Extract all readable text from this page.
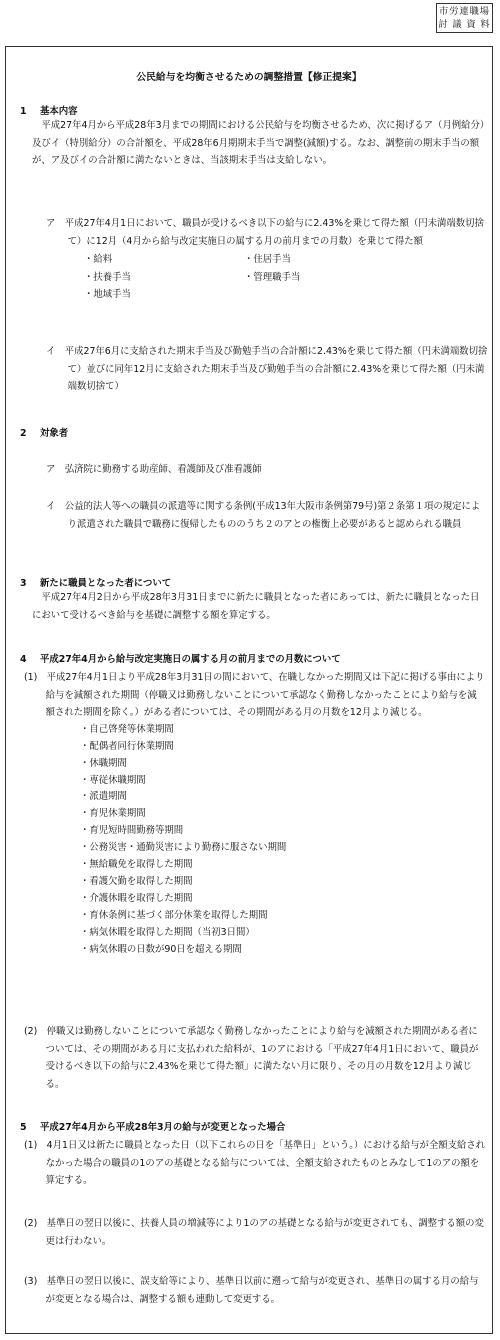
市労連職場
討 議 資 料
公民給与を均衡させるための調整措置【修正提案】
1 基本内容

平成27年4月から平成28年3月までの期間における公民給与を均衡させるため、次に掲げるア（月例給分）及びイ（特別給分）の合計額を、平成28年6月期期末手当で調整(減額)する。なお、調整前の期末手当の額が、ア及びイの合計額に満たないときは、当該期末手当は支給しない。

ア　平成27年4月1日において、職員が受けるべき以下の給与に2.43%を乗じて得た額（円未満端数切捨て）に12月（4月から給与改定実施日の属する月の前月までの月数）を乗じて得た額

・給料	・住居手当
・扶養手当	・管理職手当
・地域手当

イ　平成27年6月に支給された期末手当及び勤勉手当の合計額に2.43%を乗じて得た額（円未満端数切捨て）並びに同年12月に支給された期末手当及び勤勉手当の合計額に2.43%を乗じて得た額（円未満端数切捨て）

2 対象者

ア　弘済院に勤務する助産師、看護師及び准看護師

イ　公益的法人等への職員の派遣等に関する条例(平成13年大阪市条例第79号)第２条第１項の規定により派遣された職員で職務に復帰したもののうち２のアとの権衡上必要があると認められる職員

3 新たに職員となった者について

平成27年4月2日から平成28年3月31日までに新たに職員となった者にあっては、新たに職員となった日において受けるべき給与を基礎に調整する額を算定する。

4 平成27年4月から給与改定実施日の属する月の前月までの月数について

(1)　平成27年4月1日より平成28年3月31日の間において、在職しなかった期間又は下記に掲げる事由により給与を減額された期間（停職又は勤務しないことについて承認なく勤務しなかったことにより給与を減額された期間を除く。）がある者については、その期間がある月の月数を12月より減じる。

・自己啓発等休業期間
・配偶者同行休業期間
・休職期間
・専従休職期間
・派遣期間
・育児休業期間
・育児短時間勤務等期間
・公務災害・通勤災害により勤務に服さない期間
・無給職免を取得した期間
・看護欠勤を取得した期間
・介護休暇を取得した期間
・育休条例に基づく部分休業を取得した期間
・病気休暇を取得した期間（当初3日間）
・病気休暇の日数が90日を超える期間

(2)　停職又は勤務しないことについて承認なく勤務しなかったことにより給与を減額された期間がある者については、その期間がある月に支払われた給料が、1のアにおける「平成27年4月1日において、職員が受けるべき以下の給与に2.43%を乗じて得た額」に満たない月に限り、その月の月数を12月より減じる。

5 平成27年4月から平成28年3月の給与が変更となった場合

(1)　4月1日又は新たに職員となった日（以下これらの日を「基準日」という。）における給与が全額支給されなかった場合の職員の1のアの基礎となる給与については、全額支給されたものとみなして1のアの額を算定する。

(2)　基準日の翌日以後に、扶養人員の増減等により1のアの基礎となる給与が変更されても、調整する額の変更は行わない。

(3)　基準日の翌日以後に、誤支給等により、基準日以前に遡って給与が変更され、基準日の属する月の給与が変更となる場合は、調整する額も連動して変更する。
